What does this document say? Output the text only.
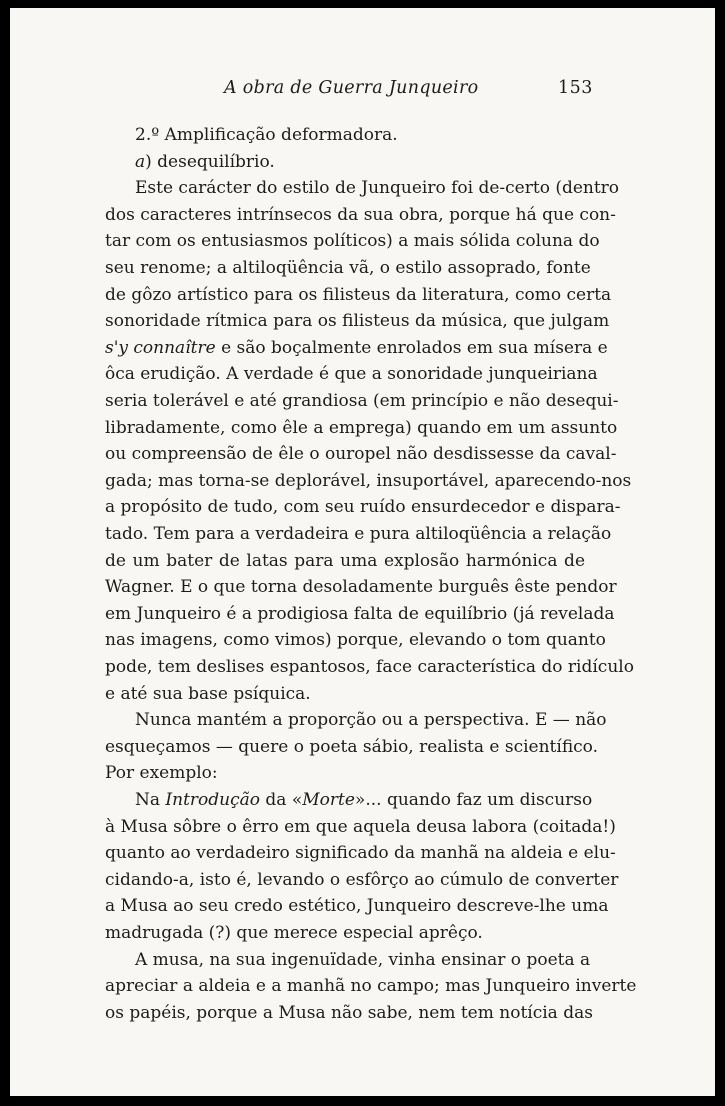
A obra de Guerra Junqueiro	153
2.º Amplificação deformadora.
a) desequilíbrio.
Este carácter do estilo de Junqueiro foi de-certo (dentro
dos caracteres intrínsecos da sua obra, porque há que con-
tar com os entusiasmos políticos) a mais sólida coluna do
seu renome; a altiloqüência vã, o estilo assoprado, fonte
de gôzo artístico para os filisteus da literatura, como certa
sonoridade rítmica para os filisteus da música, que julgam
s'y connaître e são boçalmente enrolados em sua mísera e
ôca erudição. A verdade é que a sonoridade junqueiriana
seria tolerável e até grandiosa (em princípio e não desequi-
libradamente, como êle a emprega) quando em um assunto
ou compreensão de êle o ouropel não desdissesse da caval-
gada; mas torna-se deplorável, insuportável, aparecendo-nos
a propósito de tudo, com seu ruído ensurdecedor e dispara-
tado. Tem para a verdadeira e pura altiloqüência a relação
de um bater de latas para uma explosão harmónica de
Wagner. E o que torna desoladamente burguês êste pendor
em Junqueiro é a prodigiosa falta de equilíbrio (já revelada
nas imagens, como vimos) porque, elevando o tom quanto
pode, tem deslises espantosos, face característica do ridículo
e até sua base psíquica.
Nunca mantém a proporção ou a perspectiva. E — não
esqueçamos — quere o poeta sábio, realista e scientífico.
Por exemplo:
Na Introdução da «Morte»... quando faz um discurso
à Musa sôbre o êrro em que aquela deusa labora (coitada!)
quanto ao verdadeiro significado da manhã na aldeia e elu-
cidando-a, isto é, levando o esfôrço ao cúmulo de converter
a Musa ao seu credo estético, Junqueiro descreve-lhe uma
madrugada (?) que merece especial aprêço.
A musa, na sua ingenuïdade, vinha ensinar o poeta a
apreciar a aldeia e a manhã no campo; mas Junqueiro inverte
os papéis, porque a Musa não sabe, nem tem notícia das
